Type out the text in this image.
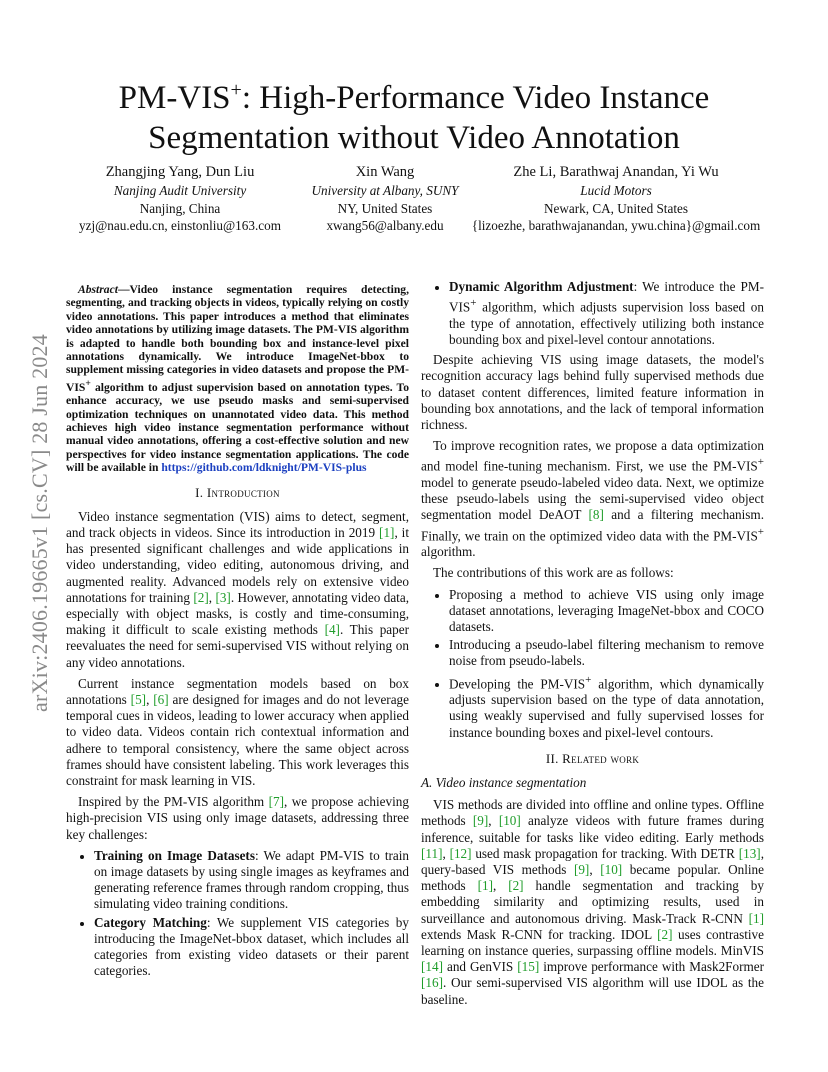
arXiv:2406.19665v1 [cs.CV] 28 Jun 2024
PM-VIS+: High-Performance Video Instance
Segmentation without Video Annotation
Zhangjing Yang, Dun Liu
Nanjing Audit University
Nanjing, China
yzj@nau.edu.cn, einstonliu@163.com
Xin Wang
University at Albany, SUNY
NY, United States
xwang56@albany.edu
Zhe Li, Barathwaj Anandan, Yi Wu
Lucid Motors
Newark, CA, United States
{lizoezhe, barathwajanandan, ywu.china}@gmail.com

Abstract—Video instance segmentation requires detecting, segmenting, and tracking objects in videos, typically relying on costly video annotations. This paper introduces a method that eliminates video annotations by utilizing image datasets. The PM-VIS algorithm is adapted to handle both bounding box and instance-level pixel annotations dynamically. We introduce ImageNet-bbox to supplement missing categories in video datasets and propose the PM-VIS+ algorithm to adjust supervision based on annotation types. To enhance accuracy, we use pseudo masks and semi-supervised optimization techniques on unannotated video data. This method achieves high video instance segmentation performance without manual video annotations, offering a cost-effective solution and new perspectives for video instance segmentation applications. The code will be available in https://github.com/ldknight/PM-VIS-plus

I. Introduction

Video instance segmentation (VIS) aims to detect, segment, and track objects in videos. Since its introduction in 2019 [1], it has presented significant challenges and wide applications in video understanding, video editing, autonomous driving, and augmented reality. Advanced models rely on extensive video annotations for training [2], [3]. However, annotating video data, especially with object masks, is costly and time-consuming, making it difficult to scale existing methods [4]. This paper reevaluates the need for semi-supervised VIS without relying on any video annotations.

Current instance segmentation models based on box annotations [5], [6] are designed for images and do not leverage temporal cues in videos, leading to lower accuracy when applied to video data. Videos contain rich contextual information and adhere to temporal consistency, where the same object across frames should have consistent labeling. This work leverages this constraint for mask learning in VIS.

Inspired by the PM-VIS algorithm [7], we propose achieving high-precision VIS using only image datasets, addressing three key challenges:

• Training on Image Datasets: We adapt PM-VIS to train on image datasets by using single images as keyframes and generating reference frames through random cropping, thus simulating video training conditions.
• Category Matching: We supplement VIS categories by introducing the ImageNet-bbox dataset, which includes all categories from existing video datasets or their parent categories.
• Dynamic Algorithm Adjustment: We introduce the PM-VIS+ algorithm, which adjusts supervision loss based on the type of annotation, effectively utilizing both instance bounding box and pixel-level contour annotations.

Despite achieving VIS using image datasets, the model's recognition accuracy lags behind fully supervised methods due to dataset content differences, limited feature information in bounding box annotations, and the lack of temporal information richness.

To improve recognition rates, we propose a data optimization and model fine-tuning mechanism. First, we use the PM-VIS+ model to generate pseudo-labeled video data. Next, we optimize these pseudo-labels using the semi-supervised video object segmentation model DeAOT [8] and a filtering mechanism. Finally, we train on the optimized video data with the PM-VIS+ algorithm.

The contributions of this work are as follows:

• Proposing a method to achieve VIS using only image dataset annotations, leveraging ImageNet-bbox and COCO datasets.
• Introducing a pseudo-label filtering mechanism to remove noise from pseudo-labels.
• Developing the PM-VIS+ algorithm, which dynamically adjusts supervision based on the type of data annotation, using weakly supervised and fully supervised losses for instance bounding boxes and pixel-level contours.
II. Related work
A. Video instance segmentation

VIS methods are divided into offline and online types. Offline methods [9], [10] analyze videos with future frames during inference, suitable for tasks like video editing. Early methods [11], [12] used mask propagation for tracking. With DETR [13], query-based VIS methods [9], [10] became popular. Online methods [1], [2] handle segmentation and tracking by embedding similarity and optimizing results, used in surveillance and autonomous driving. Mask-Track R-CNN [1] extends Mask R-CNN for tracking. IDOL [2] uses contrastive learning on instance queries, surpassing offline models. MinVIS [14] and GenVIS [15] improve performance with Mask2Former [16]. Our semi-supervised VIS algorithm will use IDOL as the baseline.
